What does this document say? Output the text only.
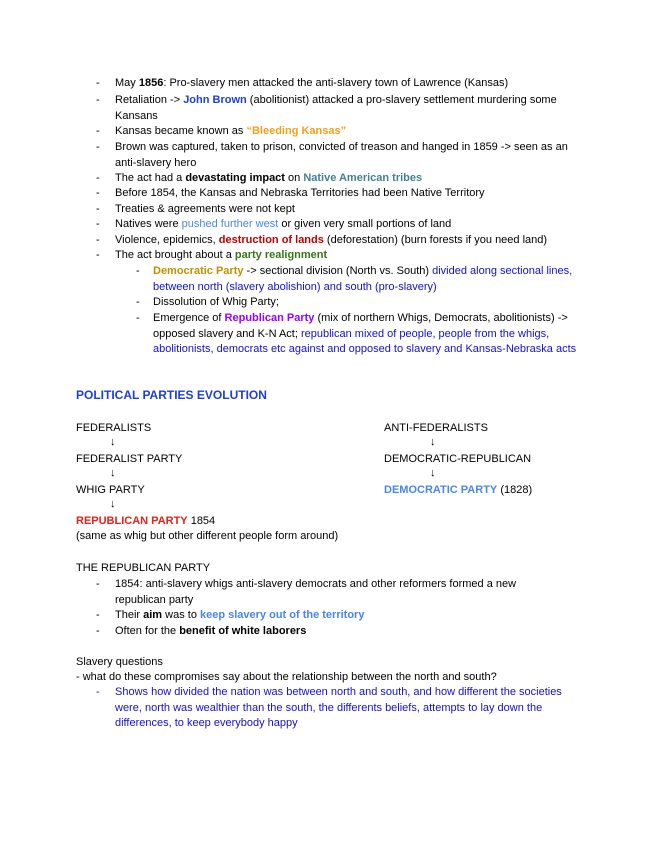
-	May 1856: Pro-slavery men attacked the anti-slavery town of Lawrence (Kansas)
-	Retaliation -> John Brown (abolitionist) attacked a pro-slavery settlement murdering some Kansans
-	Kansas became known as “Bleeding Kansas”
-	Brown was captured, taken to prison, convicted of treason and hanged in 1859 -> seen as an anti-slavery hero
-	The act had a devastating impact on Native American tribes
-	Before 1854, the Kansas and Nebraska Territories had been Native Territory
-	Treaties & agreements were not kept
-	Natives were pushed further west or given very small portions of land
-	Violence, epidemics, destruction of lands (deforestation) (burn forests if you need land)
-	The act brought about a party realignment
-	Democratic Party -> sectional division (North vs. South) divided along sectional lines, between north (slavery abolishion) and south (pro-slavery)
-	Dissolution of Whig Party;
-	Emergence of Republican Party (mix of northern Whigs, Democrats, abolitionists) -> opposed slavery and K-N Act; republican mixed of people, people from the whigs, abolitionists, democrats etc against and opposed to slavery and Kansas-Nebraska acts
POLITICAL PARTIES EVOLUTION
FEDERALISTS
↓
FEDERALIST PARTY
↓
WHIG PARTY
↓
REPUBLICAN PARTY 1854
(same as whig but other different people form around)
ANTI-FEDERALISTS
↓
DEMOCRATIC-REPUBLICAN
↓
DEMOCRATIC PARTY (1828)
THE REPUBLICAN PARTY
-	1854: anti-slavery whigs anti-slavery democrats and other reformers formed a new republican party
-	Their aim was to keep slavery out of the territory
-	Often for the benefit of white laborers
Slavery questions
- what do these compromises say about the relationship between the north and south?
-	Shows how divided the nation was between north and south, and how different the societies were, north was wealthier than the south, the differents beliefs, attempts to lay down the differences, to keep everybody happy
